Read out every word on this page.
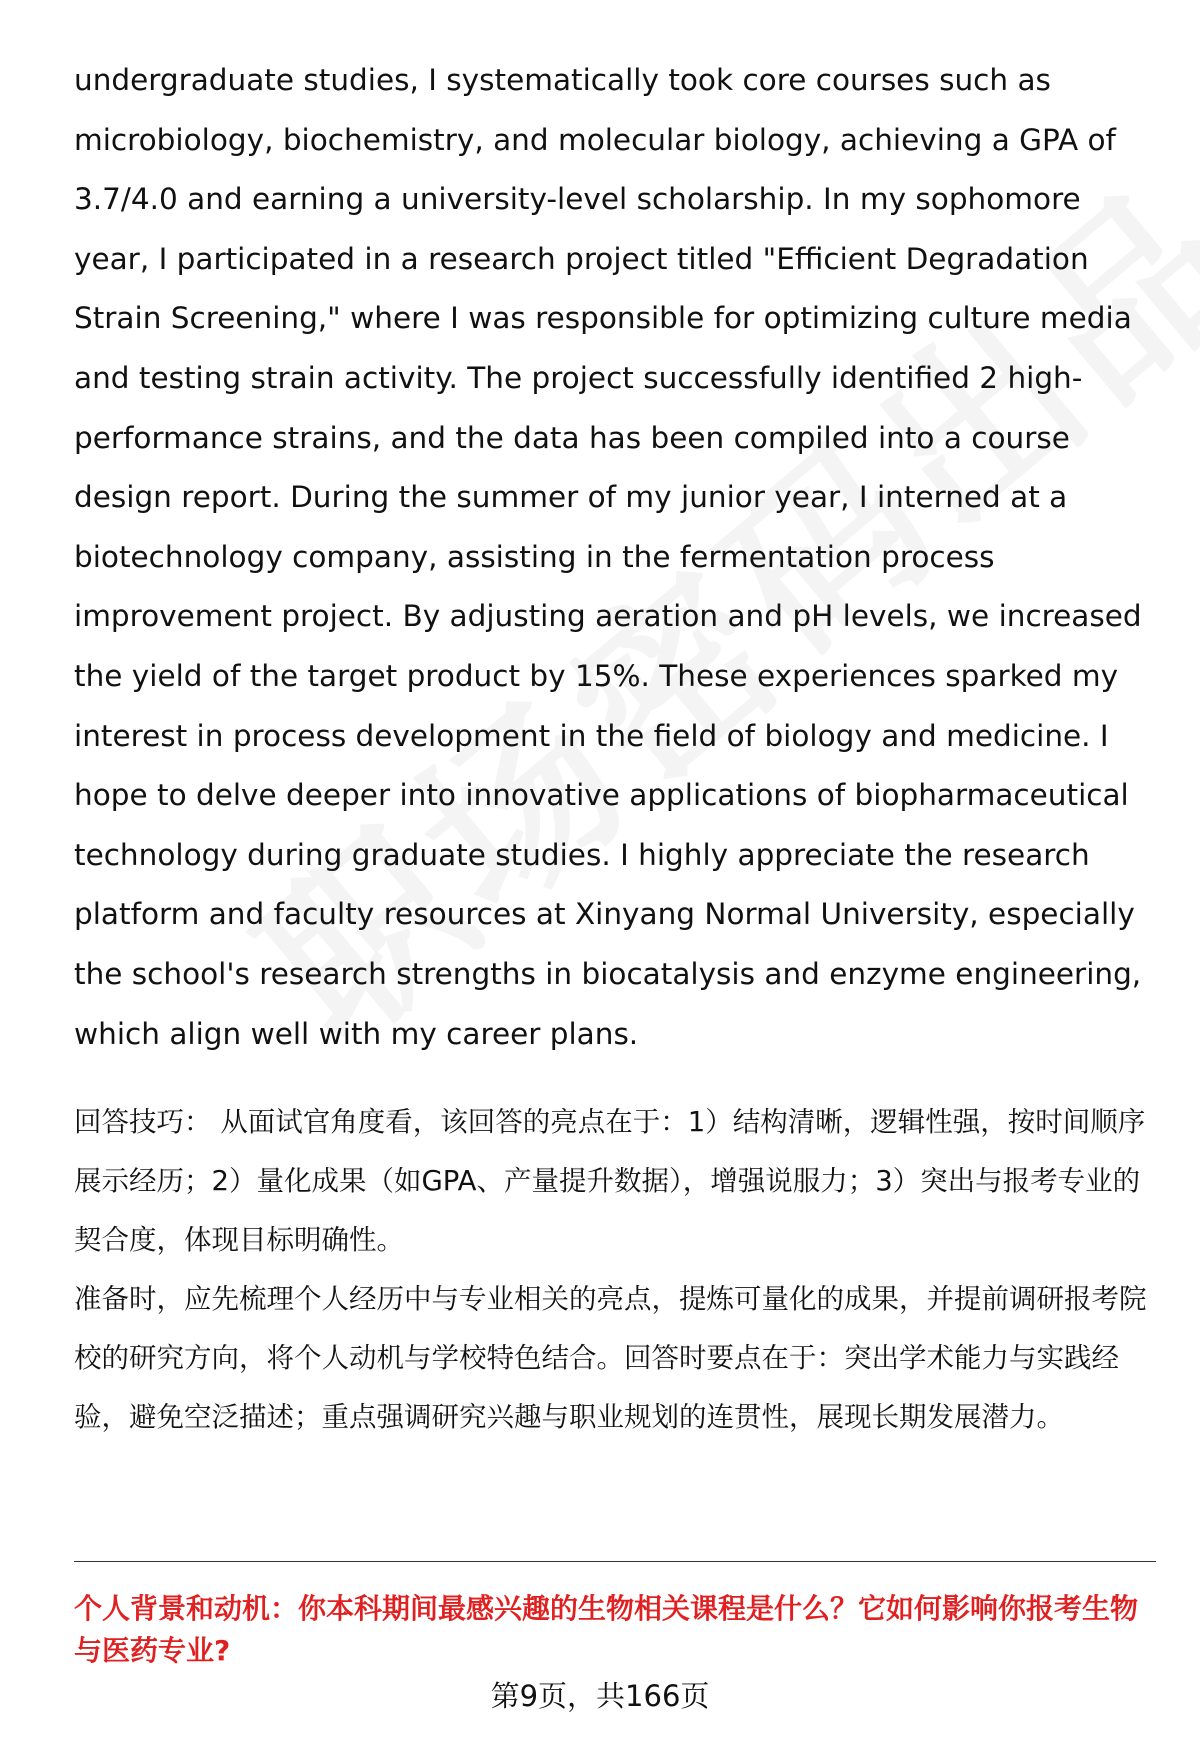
undergraduate studies, I systematically took core courses such as microbiology, biochemistry, and molecular biology, achieving a GPA of 3.7/4.0 and earning a university-level scholarship. In my sophomore year, I participated in a research project titled "Efficient Degradation Strain Screening," where I was responsible for optimizing culture media and testing strain activity. The project successfully identified 2 high-performance strains, and the data has been compiled into a course design report. During the summer of my junior year, I interned at a biotechnology company, assisting in the fermentation process improvement project. By adjusting aeration and pH levels, we increased the yield of the target product by 15%. These experiences sparked my interest in process development in the field of biology and medicine. I hope to delve deeper into innovative applications of biopharmaceutical technology during graduate studies. I highly appreciate the research platform and faculty resources at Xinyang Normal University, especially the school's research strengths in biocatalysis and enzyme engineering, which align well with my career plans.

回答技巧： 从面试官角度看，该回答的亮点在于：1）结构清晰，逻辑性强，按时间顺序展示经历；2）量化成果（如GPA、产量提升数据），增强说服力；3）突出与报考专业的契合度，体现目标明确性。

准备时，应先梳理个人经历中与专业相关的亮点，提炼可量化的成果，并提前调研报考院校的研究方向，将个人动机与学校特色结合。回答时要点在于：突出学术能力与实践经验，避免空泛描述；重点强调研究兴趣与职业规划的连贯性，展现长期发展潜力。

个人背景和动机：你本科期间最感兴趣的生物相关课程是什么？它如何影响你报考生物与医药专业?

第9页，共166页
